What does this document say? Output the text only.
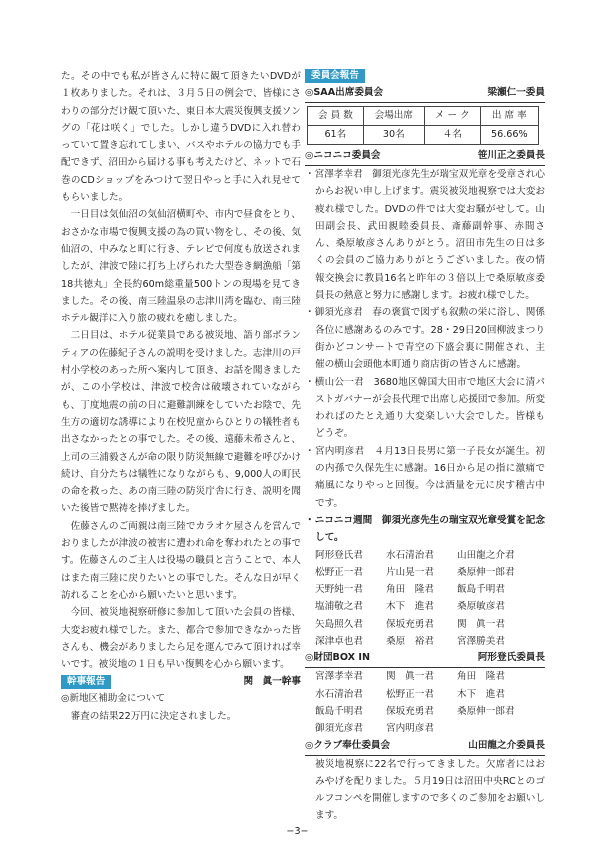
た。その中でも私が皆さんに特に観て頂きたいDVDが１枚ありました。それは、３月５日の例会で、皆様にさわりの部分だけ観て頂いた、東日本大震災復興支援ソングの「花は咲く」でした。しかし違うDVDに入れ替わっていて置き忘れてしまい、バスやホテルの協力でも手配できず、沼田から届ける事も考えたけど、ネットで石巻のCDショップをみつけて翌日やっと手に入れ見せてもらいました。

一日目は気仙沼の気仙沼横町や、市内で昼食をとり、おさかな市場で復興支援の為の買い物をし、その後、気仙沼の、中みなと町に行き、テレビで何度も放送されましたが、津波で陸に打ち上げられた大型巻き網漁船「第18共徳丸」全長約60m総重量500トンの現場を見てきました。その後、南三陸温泉の志津川湾を臨む、南三陸ホテル観洋に入り旅の疲れを癒しました。

二日目は、ホテル従業員である被災地、語り部ボランティアの佐藤紀子さんの説明を受けました。志津川の戸村小学校のあった所へ案内して頂き、お話を聞きましたが、この小学校は、津波で校舎は破壊されていながらも、丁度地震の前の日に避難訓練をしていたお陰で、先生方の適切な誘導により在校児童からひとりの犠牲者も出さなかったとの事でした。その後、遠藤未希さんと、上司の三浦毅さんが命の限り防災無線で避難を呼びかけ続け、自分たちは犠牲になりながらも、9,000人の町民の命を救った、あの南三陸の防災庁舎に行き、説明を聞いた後皆で黙祷を捧げました。

佐藤さんのご両親は南三陸でカラオケ屋さんを営んでおりましたが津波の被害に遭われ命を奪われたとの事です。佐藤さんのご主人は役場の職員と言うことで、本人はまた南三陸に戻りたいとの事でした。そんな日が早く訪れることを心から願いたいと思います。

今回、被災地視察研修に参加して頂いた会員の皆様、大変お疲れ様でした。また、都合で参加できなかった皆さんも、機会がありましたら足を運んでみて頂ければ幸いです。被災地の１日も早い復興を心から願います。

幹事報告	関　眞一幹事

◎新地区補助金について

審査の結果22万円に決定されました。

委員会報告
◎SAA出席委員会	梁瀬仁一委員
会 員 数	会場出席	メ ー ク	出 席 率
61名	30名	４名	56.66%
◎ニコニコ委員会	笹川正之委員長

・宮澤孝幸君　御須光彦先生が瑞宝双光章を受章され心からお祝い申し上げます。震災被災地視察では大変お疲れ様でした。DVDの件では大変お騒がせして。山田副会長、武田親睦委員長、斎藤副幹事、赤間さん、桑原敏彦さんありがとう。沼田市先生の日は多くの会員のご協力ありがとうございました。夜の情報交換会に教員16名と昨年の３倍以上で桑原敏彦委員長の熱意と努力に感謝します。お疲れ様でした。

・御須光彦君　春の褒賞で図ずも叙勲の栄に浴し、関係各位に感謝あるのみです。28・29日20回柳波まつり街かどコンサートで青空の下盛会裏に開催され、主催の横山会頭他本町通り商店街の皆さんに感謝。

・横山公一君　3680地区韓国大田市で地区大会に清パストガバナーが会長代理で出席し応援団で参加。所変わればのたとえ通り大変楽しい大会でした。皆様もどうぞ。

・宮内明彦君　４月13日長男に第一子長女が誕生。初の内孫で久保先生に感謝。16日から足の指に激痛で痛風になりやっと回復。今は酒量を元に戻す稽古中です。

・ニコニコ週間　御須光彦先生の瑞宝双光章受賞を記念して。

阿形登氏君	水石清治君	山田龍之介君
松野正一君	片山晃一君	桑原伸一郎君
天野純一君	角田　隆君	飯島千明君
塩浦敬之君	木下　進君	桑原敏彦君
矢島照久君	保坂充勇君	関　眞一君
深津卓也君	桑原　裕君	宮澤勝美君
◎財団BOX IN	阿形登氏委員長
宮澤孝幸君	関　眞一君	角田　隆君
水石清治君	松野正一君	木下　進君
飯島千明君	保坂充勇君	桑原伸一郎君
御須光彦君	宮内明彦君
◎クラブ奉仕委員会	山田龍之介委員長

被災地視察に22名で行ってきました。欠席者にはおみやげを配りました。５月19日は沼田中央RCとのゴルフコンペを開催しますので多くのご参加をお願いします。

−3−
